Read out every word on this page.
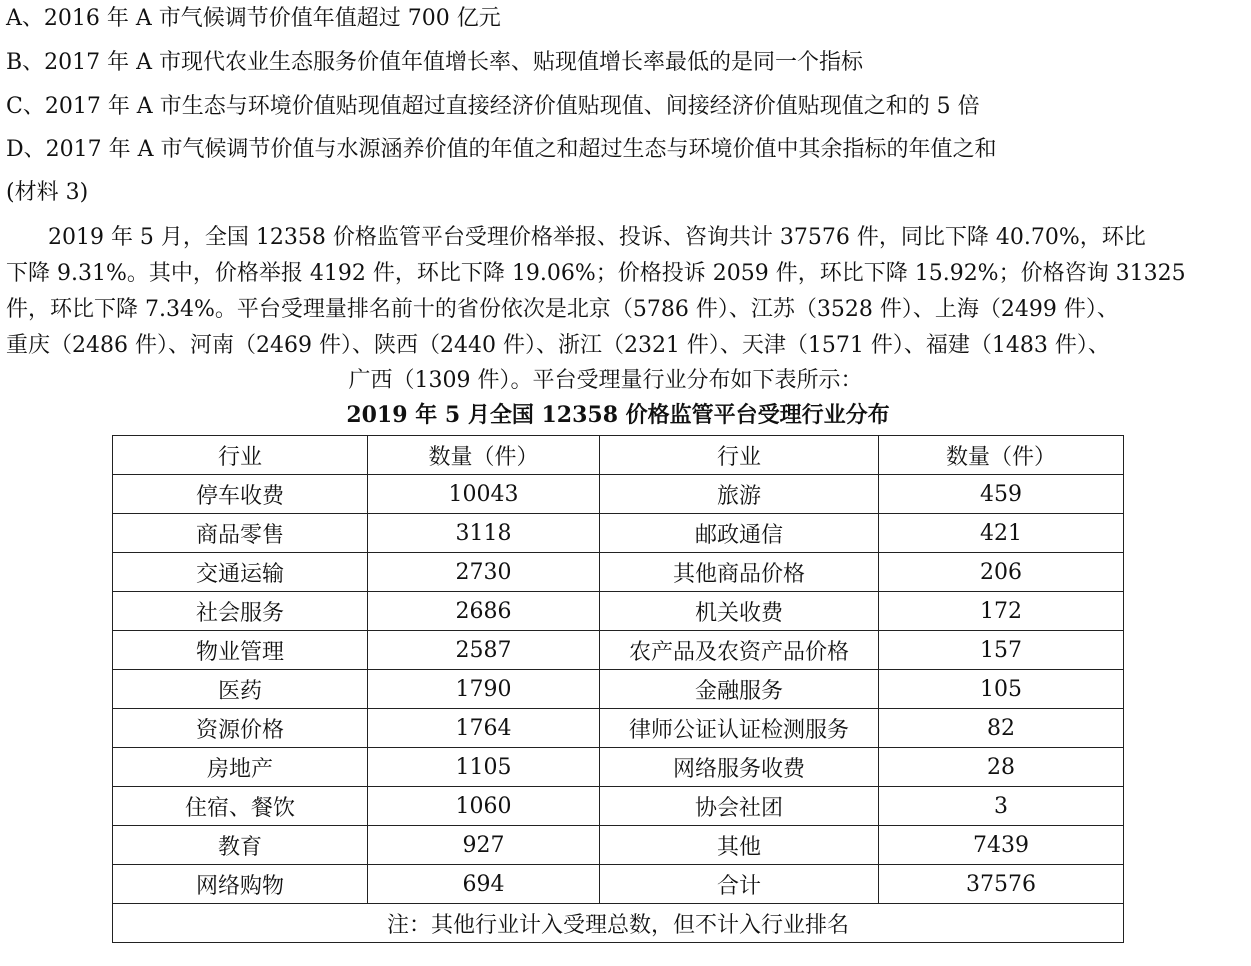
A、2016 年 A 市气候调节价值年值超过 700 亿元
B、2017 年 A 市现代农业生态服务价值年值增长率、贴现值增长率最低的是同一个指标
C、2017 年 A 市生态与环境价值贴现值超过直接经济价值贴现值、间接经济价值贴现值之和的 5 倍
D、2017 年 A 市气候调节价值与水源涵养价值的年值之和超过生态与环境价值中其余指标的年值之和
(材料 3)
2019 年 5 月，全国 12358 价格监管平台受理价格举报、投诉、咨询共计 37576 件，同比下降 40.70%，环比
下降 9.31%。其中，价格举报 4192 件，环比下降 19.06%；价格投诉 2059 件，环比下降 15.92%；价格咨询 31325
件，环比下降 7.34%。平台受理量排名前十的省份依次是北京（5786 件）、江苏（3528 件）、上海（2499 件）、
重庆（2486 件）、河南（2469 件）、陕西（2440 件）、浙江（2321 件）、天津（1571 件）、福建（1483 件）、
广西（1309 件）。平台受理量行业分布如下表所示：
2019 年 5 月全国 12358 价格监管平台受理行业分布
行业	数量（件）	行业	数量（件）
停车收费	10043	旅游	459
商品零售	3118	邮政通信	421
交通运输	2730	其他商品价格	206
社会服务	2686	机关收费	172
物业管理	2587	农产品及农资产品价格	157
医药	1790	金融服务	105
资源价格	1764	律师公证认证检测服务	82
房地产	1105	网络服务收费	28
住宿、餐饮	1060	协会社团	3
教育	927	其他	7439
网络购物	694	合计	37576
注：其他行业计入受理总数，但不计入行业排名			
